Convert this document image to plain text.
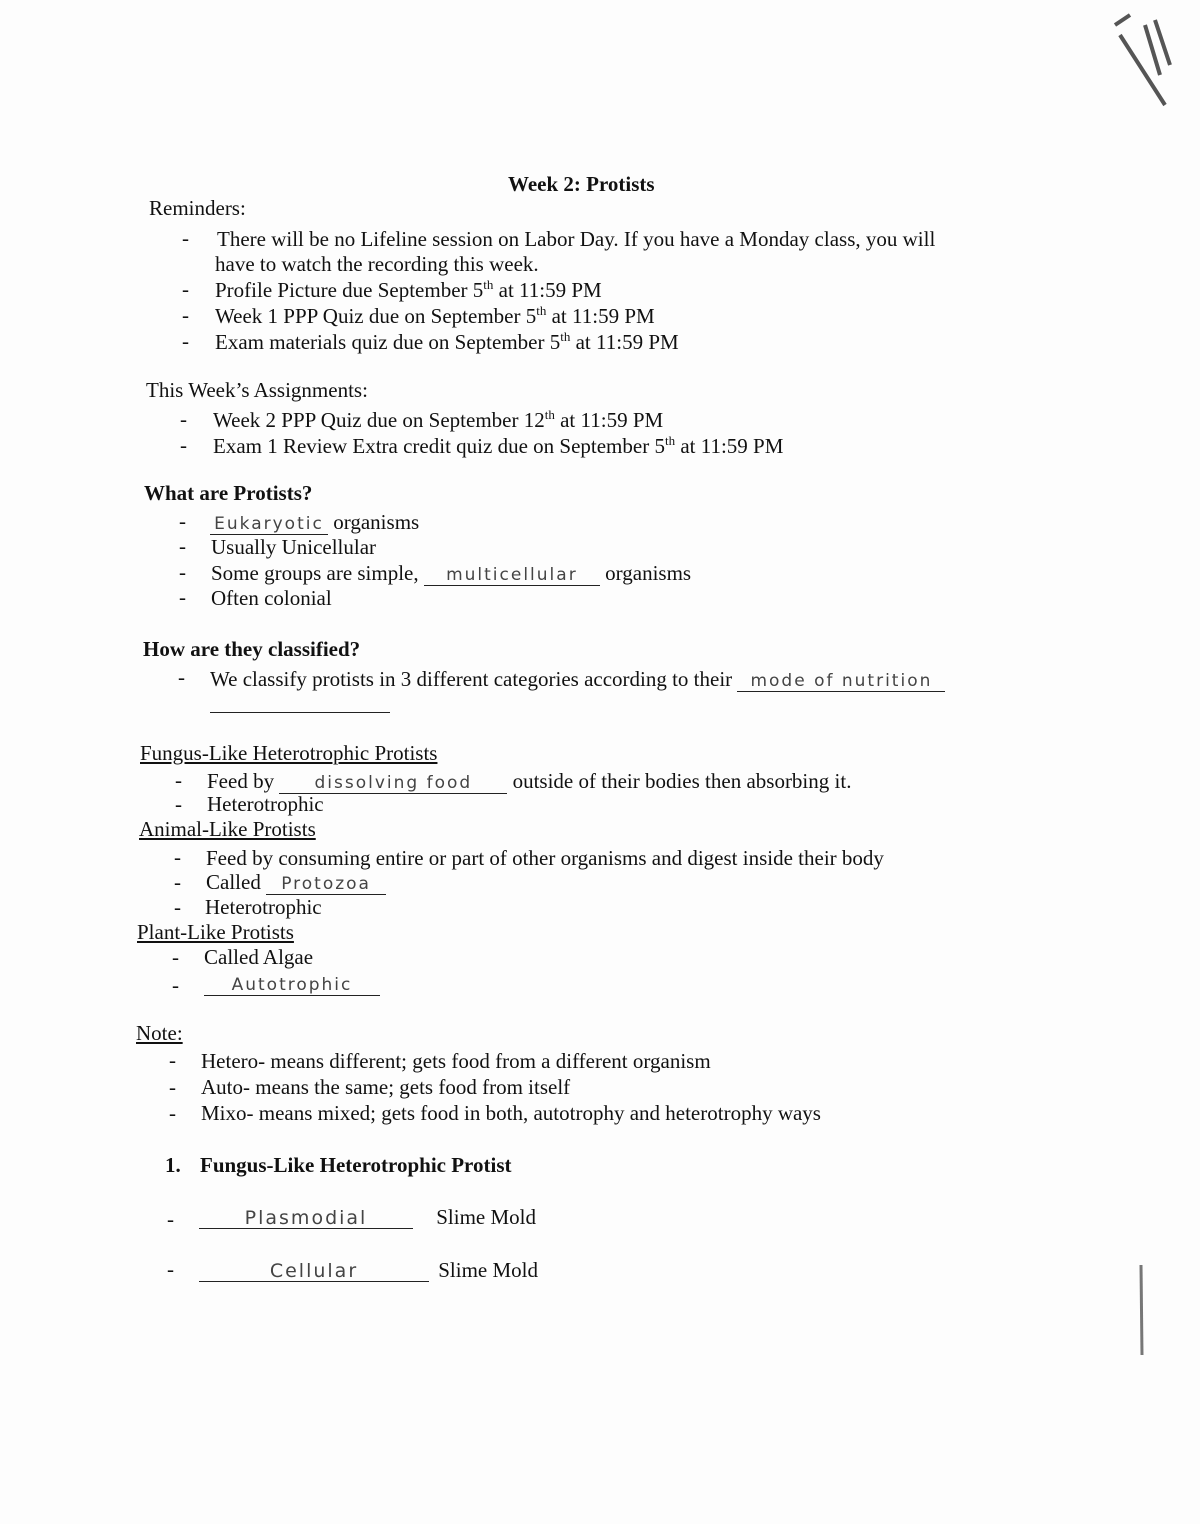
Week 2: Protists
Reminders:
- There will be no Lifeline session on Labor Day. If you have a Monday class, you will
have to watch the recording this week.
- Profile Picture due September 5th at 11:59 PM
- Week 1 PPP Quiz due on September 5th at 11:59 PM
- Exam materials quiz due on September 5th at 11:59 PM
This Week’s Assignments:
- Week 2 PPP Quiz due on September 12th at 11:59 PM
- Exam 1 Review Extra credit quiz due on September 5th at 11:59 PM
What are Protists?
- Eukaryotic organisms
- Usually Unicellular
- Some groups are simple, multicellular organisms
- Often colonial
How are they classified?
- We classify protists in 3 different categories according to their mode of nutrition
Fungus-Like Heterotrophic Protists
- Feed by dissolving food outside of their bodies then absorbing it.
- Heterotrophic
Animal-Like Protists
- Feed by consuming entire or part of other organisms and digest inside their body
- Called Protozoa
- Heterotrophic
Plant-Like Protists
- Called Algae
-	Autotrophic
Note:
- Hetero- means different; gets food from a different organism
- Auto- means the same; gets food from itself
- Mixo- means mixed; gets food in both, autotrophy and heterotrophy ways
1. Fungus-Like Heterotrophic Protist
-	Plasmodial	Slime Mold
-	Cellular	Slime Mold
